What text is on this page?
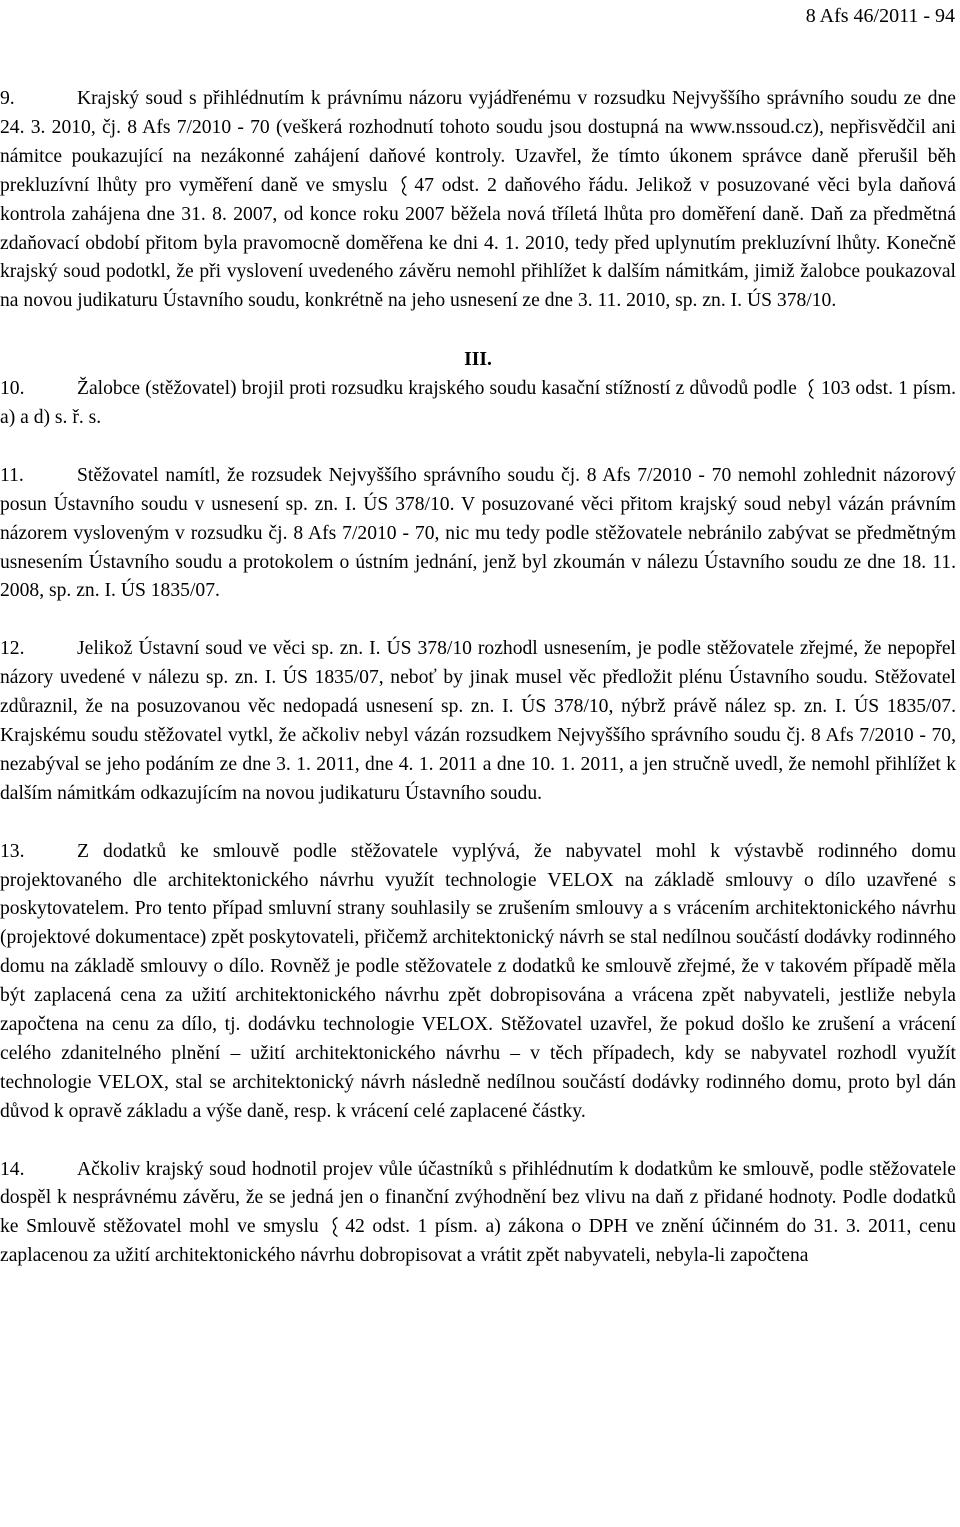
8 Afs 46/2011 - 94

9.	Krajský soud s přihlédnutím k právnímu názoru vyjádřenému v rozsudku Nejvyššího správního soudu ze dne 24. 3. 2010, čj. 8 Afs 7/2010 - 70 (veškerá rozhodnutí tohoto soudu jsou dostupná na www.nssoud.cz), nepřisvědčil ani námitce poukazující na nezákonné zahájení daňové kontroly. Uzavřel, že tímto úkonem správce daně přerušil běh prekluzívní lhůty pro vyměření daně ve smyslu 47 odst. 2 daňového řádu. Jelikož v posuzované věci byla daňová kontrola zahájena dne 31. 8. 2007, od konce roku 2007 běžela nová tříletá lhůta pro doměření daně. Daň za předmětná zdaňovací období přitom byla pravomocně doměřena ke dni 4. 1. 2010, tedy před uplynutím prekluzívní lhůty. Konečně krajský soud podotkl, že při vyslovení uvedeného závěru nemohl přihlížet k dalším námitkám, jimiž žalobce poukazoval na novou judikaturu Ústavního soudu, konkrétně na jeho usnesení ze dne 3. 11. 2010, sp. zn. I. ÚS 378/10.

III.

10.	Žalobce (stěžovatel) brojil proti rozsudku krajského soudu kasační stížností z důvodů podle 103 odst. 1 písm. a) a d) s. ř. s.

11.	Stěžovatel namítl, že rozsudek Nejvyššího správního soudu čj. 8 Afs 7/2010 - 70 nemohl zohlednit názorový posun Ústavního soudu v usnesení sp. zn. I. ÚS 378/10. V posuzované věci přitom krajský soud nebyl vázán právním názorem vysloveným v rozsudku čj. 8 Afs 7/2010 - 70, nic mu tedy podle stěžovatele nebránilo zabývat se předmětným usnesením Ústavního soudu a protokolem o ústním jednání, jenž byl zkoumán v nálezu Ústavního soudu ze dne 18. 11. 2008, sp. zn. I. ÚS 1835/07.

12.	Jelikož Ústavní soud ve věci sp. zn. I. ÚS 378/10 rozhodl usnesením, je podle stěžovatele zřejmé, že nepopřel názory uvedené v nálezu sp. zn. I. ÚS 1835/07, neboť by jinak musel věc předložit plénu Ústavního soudu. Stěžovatel zdůraznil, že na posuzovanou věc nedopadá usnesení sp. zn. I. ÚS 378/10, nýbrž právě nález sp. zn. I. ÚS 1835/07. Krajskému soudu stěžovatel vytkl, že ačkoliv nebyl vázán rozsudkem Nejvyššího správního soudu čj. 8 Afs 7/2010 - 70, nezabýval se jeho podáním ze dne 3. 1. 2011, dne 4. 1. 2011 a dne 10. 1. 2011, a jen stručně uvedl, že nemohl přihlížet k dalším námitkám odkazujícím na novou judikaturu Ústavního soudu.

13.	Z dodatků ke smlouvě podle stěžovatele vyplývá, že nabyvatel mohl k výstavbě rodinného domu projektovaného dle architektonického návrhu využít technologie VELOX na základě smlouvy o dílo uzavřené s poskytovatelem. Pro tento případ smluvní strany souhlasily se zrušením smlouvy a s vrácením architektonického návrhu (projektové dokumentace) zpět poskytovateli, přičemž architektonický návrh se stal nedílnou součástí dodávky rodinného domu na základě smlouvy o dílo. Rovněž je podle stěžovatele z dodatků ke smlouvě zřejmé, že v takovém případě měla být zaplacená cena za užití architektonického návrhu zpět dobropisována a vrácena zpět nabyvateli, jestliže nebyla započtena na cenu za dílo, tj. dodávku technologie VELOX. Stěžovatel uzavřel, že pokud došlo ke zrušení a vrácení celého zdanitelného plnění – užití architektonického návrhu – v těch případech, kdy se nabyvatel rozhodl využít technologie VELOX, stal se architektonický návrh následně nedílnou součástí dodávky rodinného domu, proto byl dán důvod k opravě základu a výše daně, resp. k vrácení celé zaplacené částky.

14.	Ačkoliv krajský soud hodnotil projev vůle účastníků s přihlédnutím k dodatkům ke smlouvě, podle stěžovatele dospěl k nesprávnému závěru, že se jedná jen o finanční zvýhodnění bez vlivu na daň z přidané hodnoty. Podle dodatků ke Smlouvě stěžovatel mohl ve smyslu 42 odst. 1 písm. a) zákona o DPH ve znění účinném do 31. 3. 2011, cenu zaplacenou za užití architektonického návrhu dobropisovat a vrátit zpět nabyvateli, nebyla-li započtena
